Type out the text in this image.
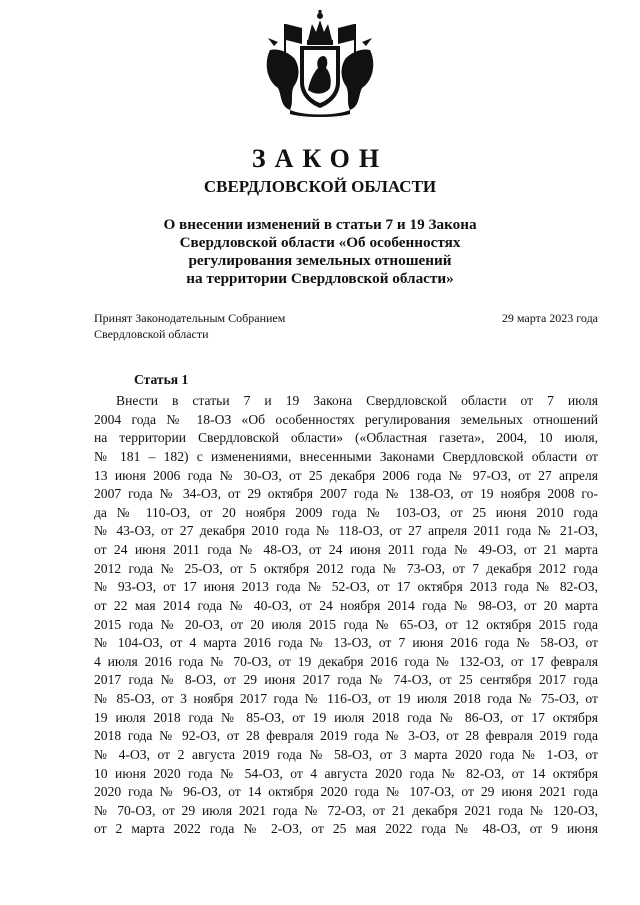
ЗАКОН
СВЕРДЛОВСКОЙ ОБЛАСТИ
О внесении изменений в статьи 7 и 19 Закона
Свердловской области «Об особенностях
регулирования земельных отношений
на территории Свердловской области»
Принят Законодательным Собранием
Свердловской области
29 марта 2023 года
Статья 1
Внести в статьи 7 и 19 Закона Свердловской области от 7 июля
2004 года № 18-ОЗ «Об особенностях регулирования земельных отношений
на территории Свердловской области» («Областная газета», 2004, 10 июля,
№ 181 – 182) с изменениями, внесенными Законами Свердловской области от
13 июня 2006 года № 30-ОЗ, от 25 декабря 2006 года № 97-ОЗ, от 27 апреля
2007 года № 34-ОЗ, от 29 октября 2007 года № 138-ОЗ, от 19 ноября 2008 го-
да № 110-ОЗ, от 20 ноября 2009 года № 103-ОЗ, от 25 июня 2010 года
№ 43-ОЗ, от 27 декабря 2010 года № 118-ОЗ, от 27 апреля 2011 года № 21-ОЗ,
от 24 июня 2011 года № 48-ОЗ, от 24 июня 2011 года № 49-ОЗ, от 21 марта
2012 года № 25-ОЗ, от 5 октября 2012 года № 73-ОЗ, от 7 декабря 2012 года
№ 93-ОЗ, от 17 июня 2013 года № 52-ОЗ, от 17 октября 2013 года № 82-ОЗ,
от 22 мая 2014 года № 40-ОЗ, от 24 ноября 2014 года № 98-ОЗ, от 20 марта
2015 года № 20-ОЗ, от 20 июля 2015 года № 65-ОЗ, от 12 октября 2015 года
№ 104-ОЗ, от 4 марта 2016 года № 13-ОЗ, от 7 июня 2016 года № 58-ОЗ, от
4 июля 2016 года № 70-ОЗ, от 19 декабря 2016 года № 132-ОЗ, от 17 февраля
2017 года № 8-ОЗ, от 29 июня 2017 года № 74-ОЗ, от 25 сентября 2017 года
№ 85-ОЗ, от 3 ноября 2017 года № 116-ОЗ, от 19 июля 2018 года № 75-ОЗ, от
19 июля 2018 года № 85-ОЗ, от 19 июля 2018 года № 86-ОЗ, от 17 октября
2018 года № 92-ОЗ, от 28 февраля 2019 года № 3-ОЗ, от 28 февраля 2019 года
№ 4-ОЗ, от 2 августа 2019 года № 58-ОЗ, от 3 марта 2020 года № 1-ОЗ, от
10 июня 2020 года № 54-ОЗ, от 4 августа 2020 года № 82-ОЗ, от 14 октября
2020 года № 96-ОЗ, от 14 октября 2020 года № 107-ОЗ, от 29 июня 2021 года
№ 70-ОЗ, от 29 июля 2021 года № 72-ОЗ, от 21 декабря 2021 года № 120-ОЗ,
от 2 марта 2022 года № 2-ОЗ, от 25 мая 2022 года № 48-ОЗ, от 9 июня
